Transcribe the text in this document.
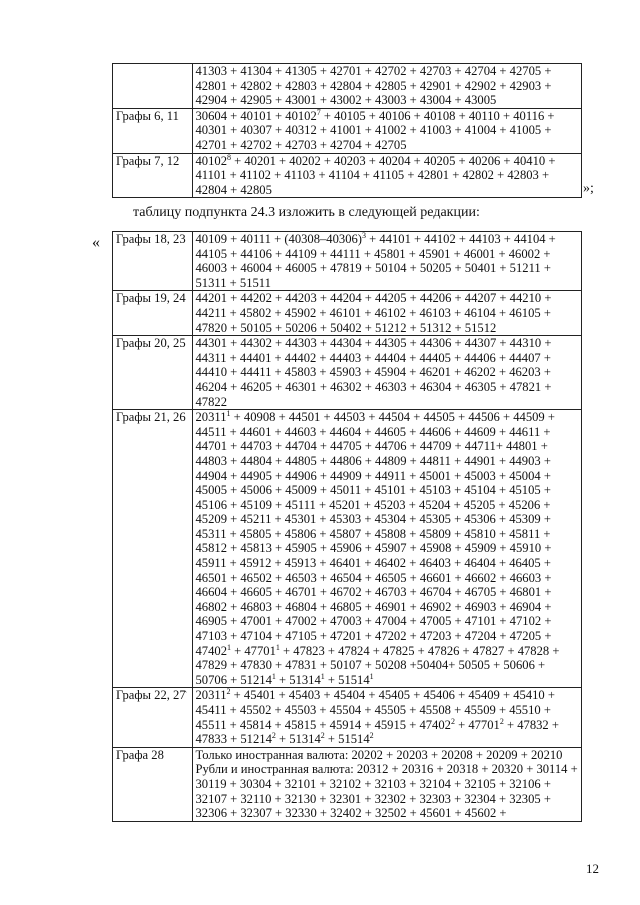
	41303 + 41304 + 41305 + 42701 + 42702 + 42703 + 42704 + 42705 + 42801 + 42802 + 42803 + 42804 + 42805 + 42901 + 42902 + 42903 + 42904 + 42905 + 43001 + 43002 + 43003 + 43004 + 43005

Графы 6, 11	$30604 + 40101 + 40102^7 + 40105 + 40106 + 40108 + 40110 + 40116 + 40301 + 40307 + 40312 + 41001 + 41002 + 41003 + 41004 + 41005 + 42701 + 42702 + 42703 + 42704 + 42705$

Графы 7, 12	$40102^8 + 40201 + 40202 + 40203 + 40204 + 40205 + 40206 + 40410 + 41101 + 41102 + 41103 + 41104 + 41105 + 42801 + 42802 + 42803 + 42804 + 42805$	»;
таблицу подпункта 24.3 изложить в следующей редакции:
« Графы 18, 23	$40109 + 40111 + (40308-40306)^3 + 44101 + 44102 + 44103 + 44104 + 44105 + 44106 + 44109 + 44111 + 45801 + 45901 + 46001 + 46002 + 46003 + 46004 + 46005 + 47819 + 50104 + 50205 + 50401 + 51211 + 51311 + 51511$

Графы 19, 24	44201 + 44202 + 44203 + 44204 + 44205 + 44206 + 44207 + 44210 + 44211 + 45802 + 45902 + 46101 + 46102 + 46103 + 46104 + 46105 + 47820 + 50105 + 50206 + 50402 + 51212 + 51312 + 51512

Графы 20, 25	44301 + 44302 + 44303 + 44304 + 44305 + 44306 + 44307 + 44310 + 44311 + 44401 + 44402 + 44403 + 44404 + 44405 + 44406 + 44407 + 44410 + 44411 + 45803 + 45903 + 45904 + 46201 + 46202 + 46203 + 46204 + 46205 + 46301 + 46302 + 46303 + 46304 + 46305 + 47821 + 47822

Графы 21, 26	$20311^1 + 40908 + 44501 + 44503 + 44504 + 44505 + 44506 + 44509 + 44511 + 44601 + 44603 + 44604 + 44605 + 44606 + 44609 + 44611 + 44701 + 44703 + 44704 + 44705 + 44706 + 44709 + 44711+ 44801 + 44803 + 44804 + 44805 + 44806 + 44809 + 44811 + 44901 + 44903$ + 44904 + 44905 + 44906 + 44909 + 44911 + 45001 + 45003 + 45004 + 45005 + 45006 + 45009 + 45011 + 45101 + 45103 + 45104 + 45105 + 45106 + 45109 + 45111 + 45201 + 45203 + 45204 + 45205 + 45206 + 45209 + 45211 + 45301 + 45303 + 45304 + 45305 + 45306 + 45309 + 45311 + 45805 + 45806 + 45807 + 45808 + 45809 + 45810 + 45811 + 45812 + 45813 + 45905 + 45906 + 45907 + 45908 + 45909 + 45910 + 45911 + 45912 + 45913 + 46401 + 46402 + 46403 + 46404 + 46405 + 46501 + 46502 + 46503 + 46504 + 46505 + 46601 + 46602 + 46603 + 46604 + 46605 + 46701 + 46702 + 46703 + 46704 + 46705 + 46801 + 46802 + 46803 + 46804 + 46805 + 46901 + 46902 + 46903 + 46904 + 46905 + 47001 + 47002 + 47003 + $47004 + 47005 + 47101 + 47102 + 47103 + 47104 + 47105 + 47201 + 47202 + 47203 + 47204 + 47205 + 47402^1 + 47701^1 + 47823 + 47824 + 47825 + 47826 + 47827 + 47828 + 47829 + 47830 + 47831 + 50107 + 50208 +50404+ 50505 + 50606 + 50706 + 51214^1 + 51314^1 + 51514^1$

Графы 22, 27	$20311^2 + 45401 + 45403 + 45404 + 45405 + 45406 + 45409 + 45410 + 45411 + 45502 + 45503 + 45504 + 45505 + 45508 + 45509 + 45510 + 45511 + 45814 + 45815 + 45914 + 45915 + 47402^2 + 47701^2 + 47832 + 47833 + 51214^2 + 51314^2 + 51514^2$

Графа 28	Только иностранная валюта: 20202 + 20203 + 20208 + 20209 + 20210
Рубли и иностранная валюта: 20312 + 20316 + 20318 + 20320 + 30114 + 30119 + 30304 + 32101 + 32102 + 32103 + 32104 + 32105 + 32106 + 32107 + 32110 + 32130 + 32301 + 32302 + 32303 + 32304 + 32305 + 32306 + 32307 + 32330 + 32402 + 32502 + 45601 + 45602 +
ˎ
12
